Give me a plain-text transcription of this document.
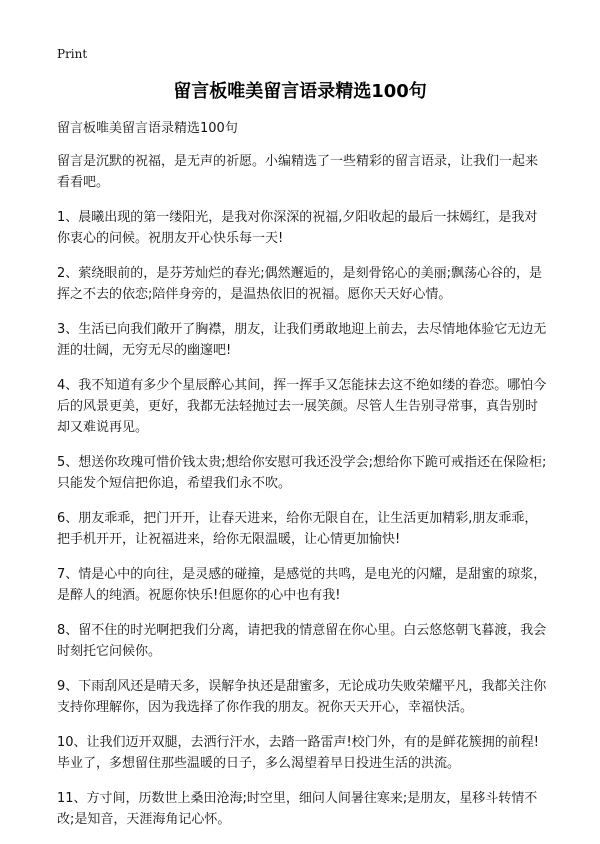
Print
留言板唯美留言语录精选100句

留言板唯美留言语录精选100句

留言是沉默的祝福，是无声的祈愿。小编精选了一些精彩的留言语录，让我们一起来看看吧。

1、晨曦出现的第一缕阳光，是我对你深深的祝福,夕阳收起的最后一抹嫣红，是我对你衷心的问候。祝朋友开心快乐每一天!

2、萦绕眼前的，是芬芳灿烂的春光;偶然邂逅的，是刻骨铭心的美丽;飘荡心谷的，是挥之不去的依恋;陪伴身旁的，是温热依旧的祝福。愿你天天好心情。

3、生活已向我们敞开了胸襟，朋友，让我们勇敢地迎上前去，去尽情地体验它无边无涯的壮阔，无穷无尽的幽邃吧!

4、我不知道有多少个星辰醉心其间，挥一挥手又怎能抹去这不绝如缕的眷恋。哪怕今后的风景更美，更好，我都无法轻抛过去一展笑颜。尽管人生告别寻常事，真告别时却又难说再见。

5、想送你玫瑰可惜价钱太贵;想给你安慰可我还没学会;想给你下跪可戒指还在保险柜;只能发个短信把你追，希望我们永不吹。

6、朋友乖乖，把门开开，让春天进来，给你无限自在，让生活更加精彩,朋友乖乖，把手机开开，让祝福进来，给你无限温暖，让心情更加愉快!

7、情是心中的向往，是灵感的碰撞，是感觉的共鸣，是电光的闪耀，是甜蜜的琼浆，是醉人的纯酒。祝愿你快乐!但愿你的心中也有我!

8、留不住的时光啊把我们分离，请把我的情意留在你心里。白云悠悠朝飞暮渡，我会时刻托它问候你。

9、下雨刮风还是晴天多，误解争执还是甜蜜多，无论成功失败荣耀平凡，我都关注你支持你理解你，因为我选择了你作我的朋友。祝你天天开心，幸福快活。

10、让我们迈开双腿，去洒行汗水，去踏一路雷声!校门外，有的是鲜花簇拥的前程!毕业了，多想留住那些温暖的日子，多么渴望着早日投进生活的洪流。

11、方寸间，历数世上桑田沧海;时空里，细问人间暑往寒来;是朋友，星移斗转情不改;是知音，天涯海角记心怀。
